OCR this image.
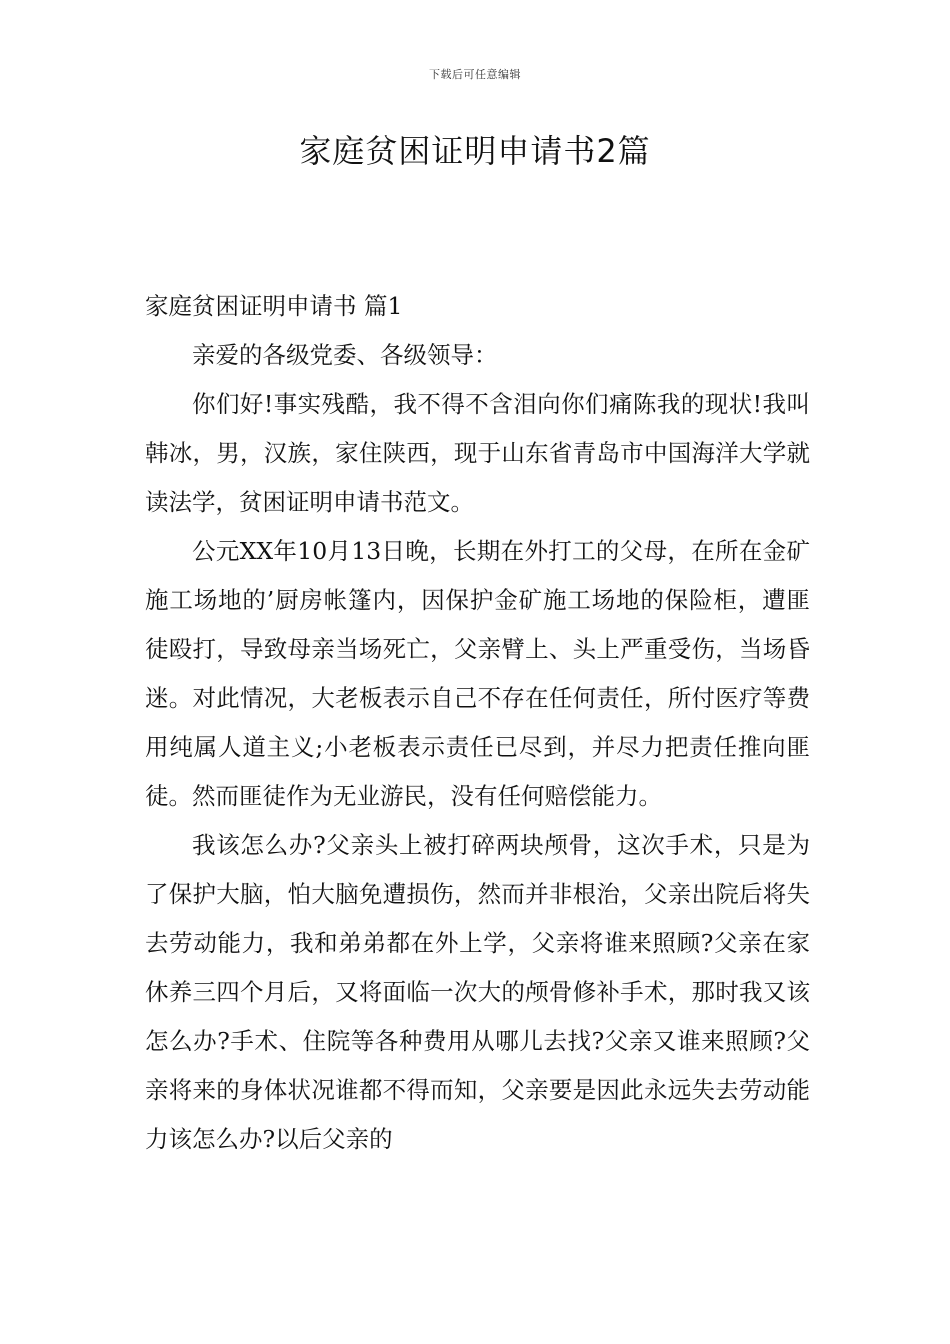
下载后可任意编辑
家庭贫困证明申请书2篇

家庭贫困证明申请书 篇1

亲爱的各级党委、各级领导：

你们好!事实残酷，我不得不含泪向你们痛陈我的现状!我叫韩冰，男，汉族，家住陕西，现于山东省青岛市中国海洋大学就读法学，贫困证明申请书范文。

公元XX年10月13日晚，长期在外打工的父母，在所在金矿施工场地的’厨房帐篷内，因保护金矿施工场地的保险柜，遭匪徒殴打，导致母亲当场死亡，父亲臂上、头上严重受伤，当场昏迷。对此情况，大老板表示自己不存在任何责任，所付医疗等费用纯属人道主义;小老板表示责任已尽到，并尽力把责任推向匪徒。然而匪徒作为无业游民，没有任何赔偿能力。

我该怎么办?父亲头上被打碎两块颅骨，这次手术，只是为了保护大脑，怕大脑免遭损伤，然而并非根治，父亲出院后将失去劳动能力，我和弟弟都在外上学，父亲将谁来照顾?父亲在家休养三四个月后，又将面临一次大的颅骨修补手术，那时我又该怎么办?手术、住院等各种费用从哪儿去找?父亲又谁来照顾?父亲将来的身体状况谁都不得而知，父亲要是因此永远失去劳动能力该怎么办?以后父亲的
